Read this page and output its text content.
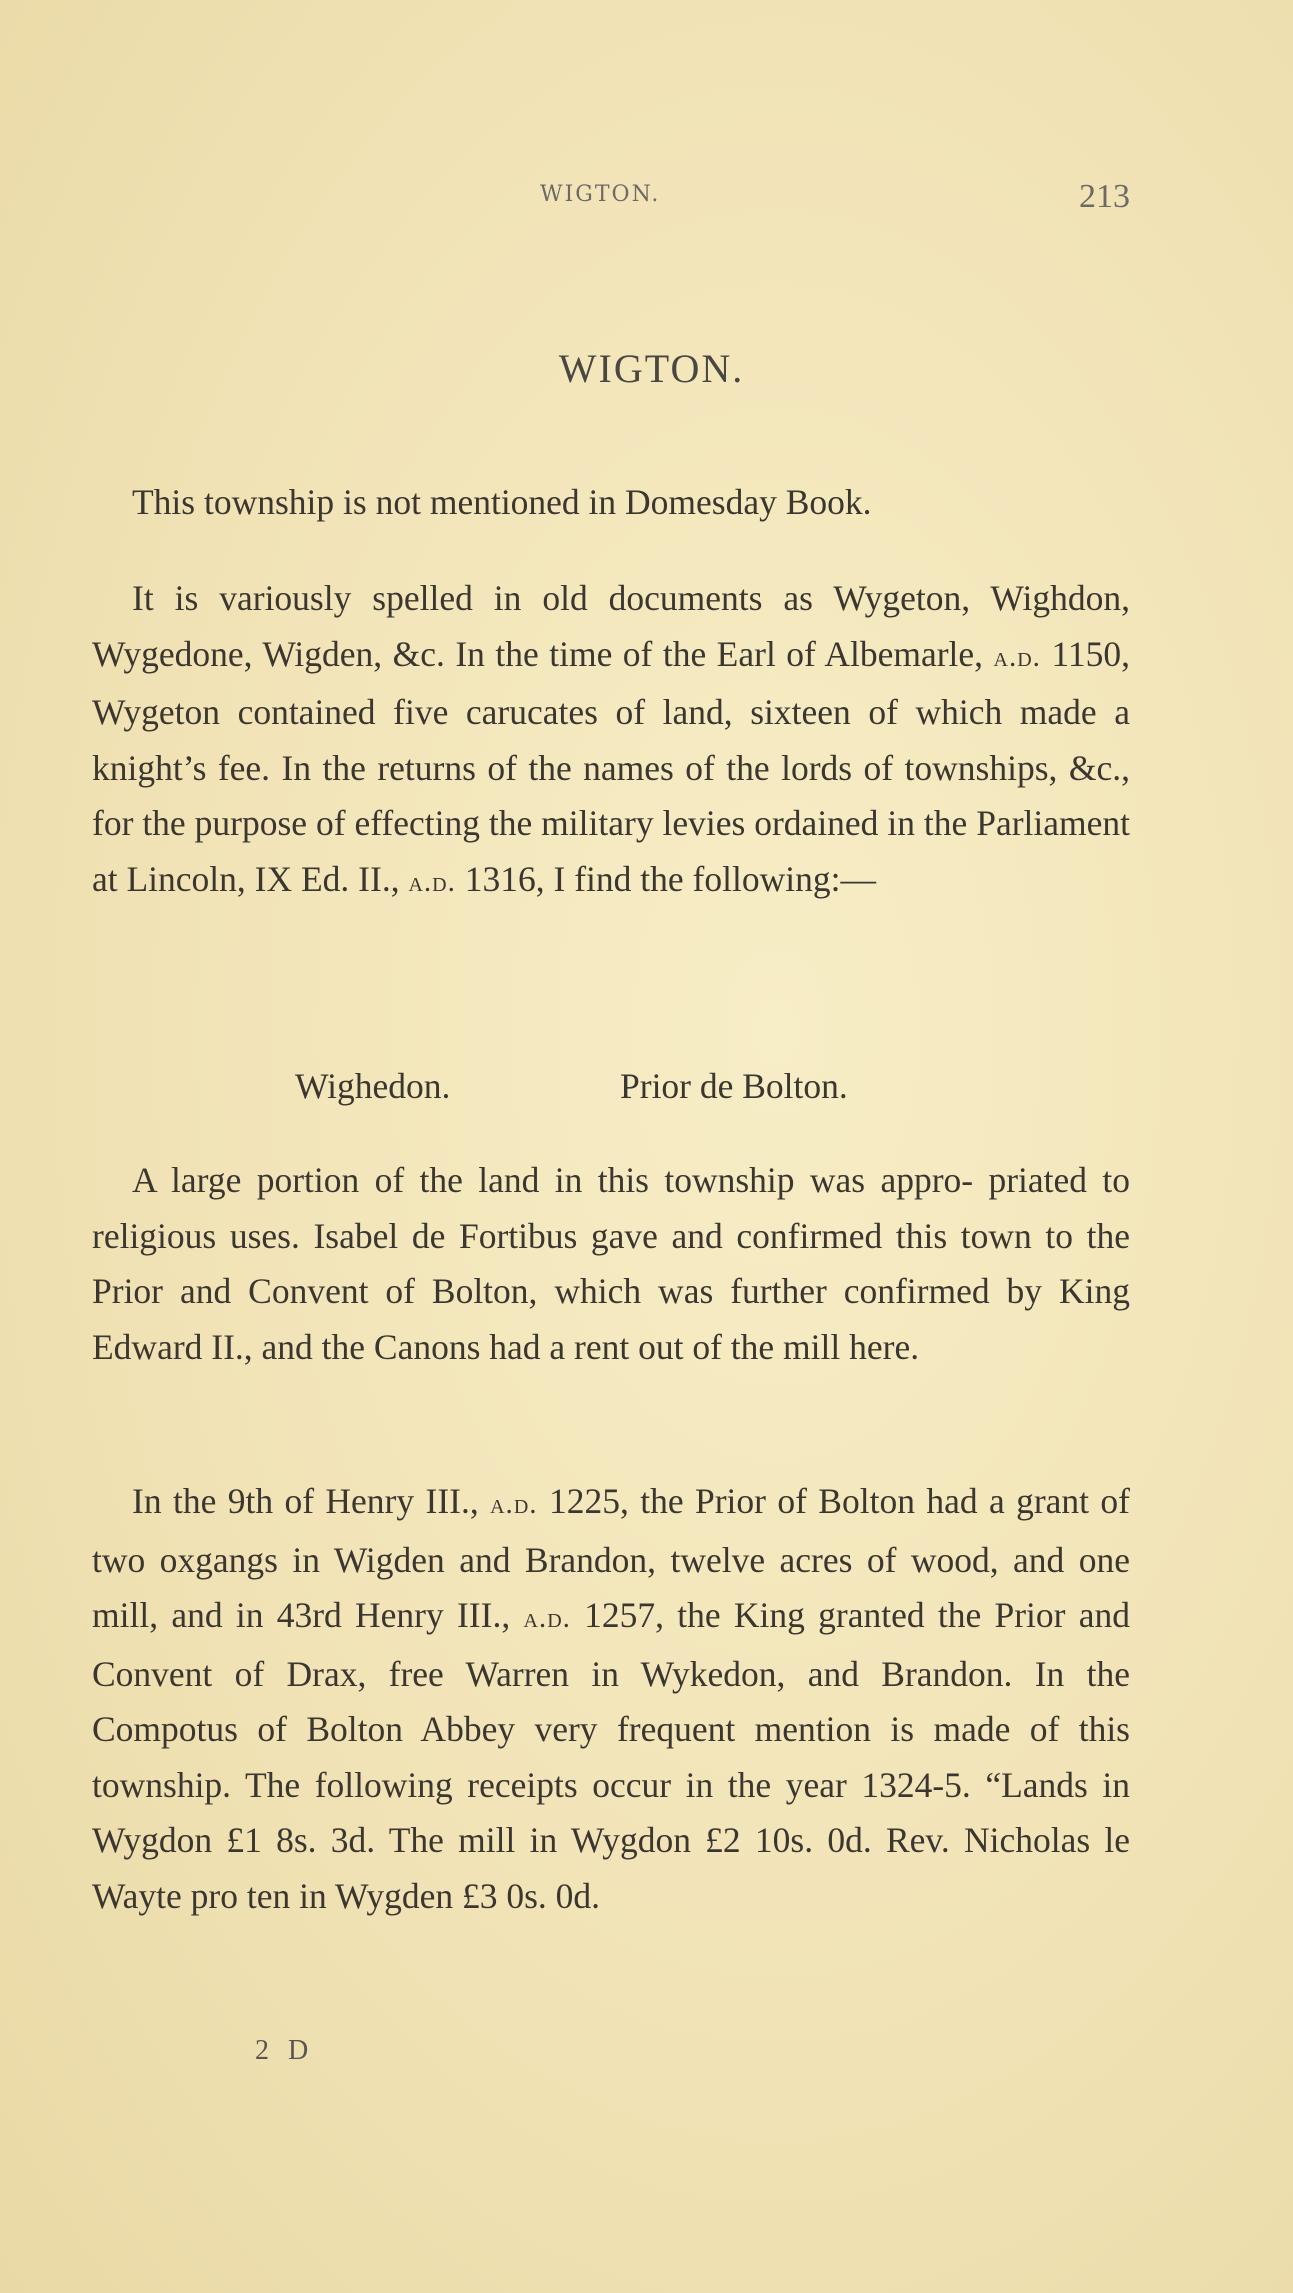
WIGTON.	213
WIGTON.

This township is not mentioned in Domesday Book.

It is variously spelled in old documents as Wygeton, Wighdon, Wygedone, Wigden, &c. In the time of the Earl of Albemarle, a.d. 1150, Wygeton contained five carucates of land, sixteen of which made a knight’s fee. In the returns of the names of the lords of townships, &c., for the purpose of effecting the military levies ordained in the Parliament at Lincoln, IX Ed. II., a.d. 1316, I find the following:—

Wighedon.	Prior de Bolton.

A large portion of the land in this township was appro- priated to religious uses. Isabel de Fortibus gave and confirmed this town to the Prior and Convent of Bolton, which was further confirmed by King Edward II., and the Canons had a rent out of the mill here.

In the 9th of Henry III., a.d. 1225, the Prior of Bolton had a grant of two oxgangs in Wigden and Brandon, twelve acres of wood, and one mill, and in 43rd Henry III., a.d. 1257, the King granted the Prior and Convent of Drax, free Warren in Wykedon, and Brandon. In the Compotus of Bolton Abbey very frequent mention is made of this township. The following receipts occur in the year 1324-5. “Lands in Wygdon £1 8s. 3d. The mill in Wygdon £2 10s. 0d. Rev. Nicholas le Wayte pro ten in Wygden £3 0s. 0d.

2 D
